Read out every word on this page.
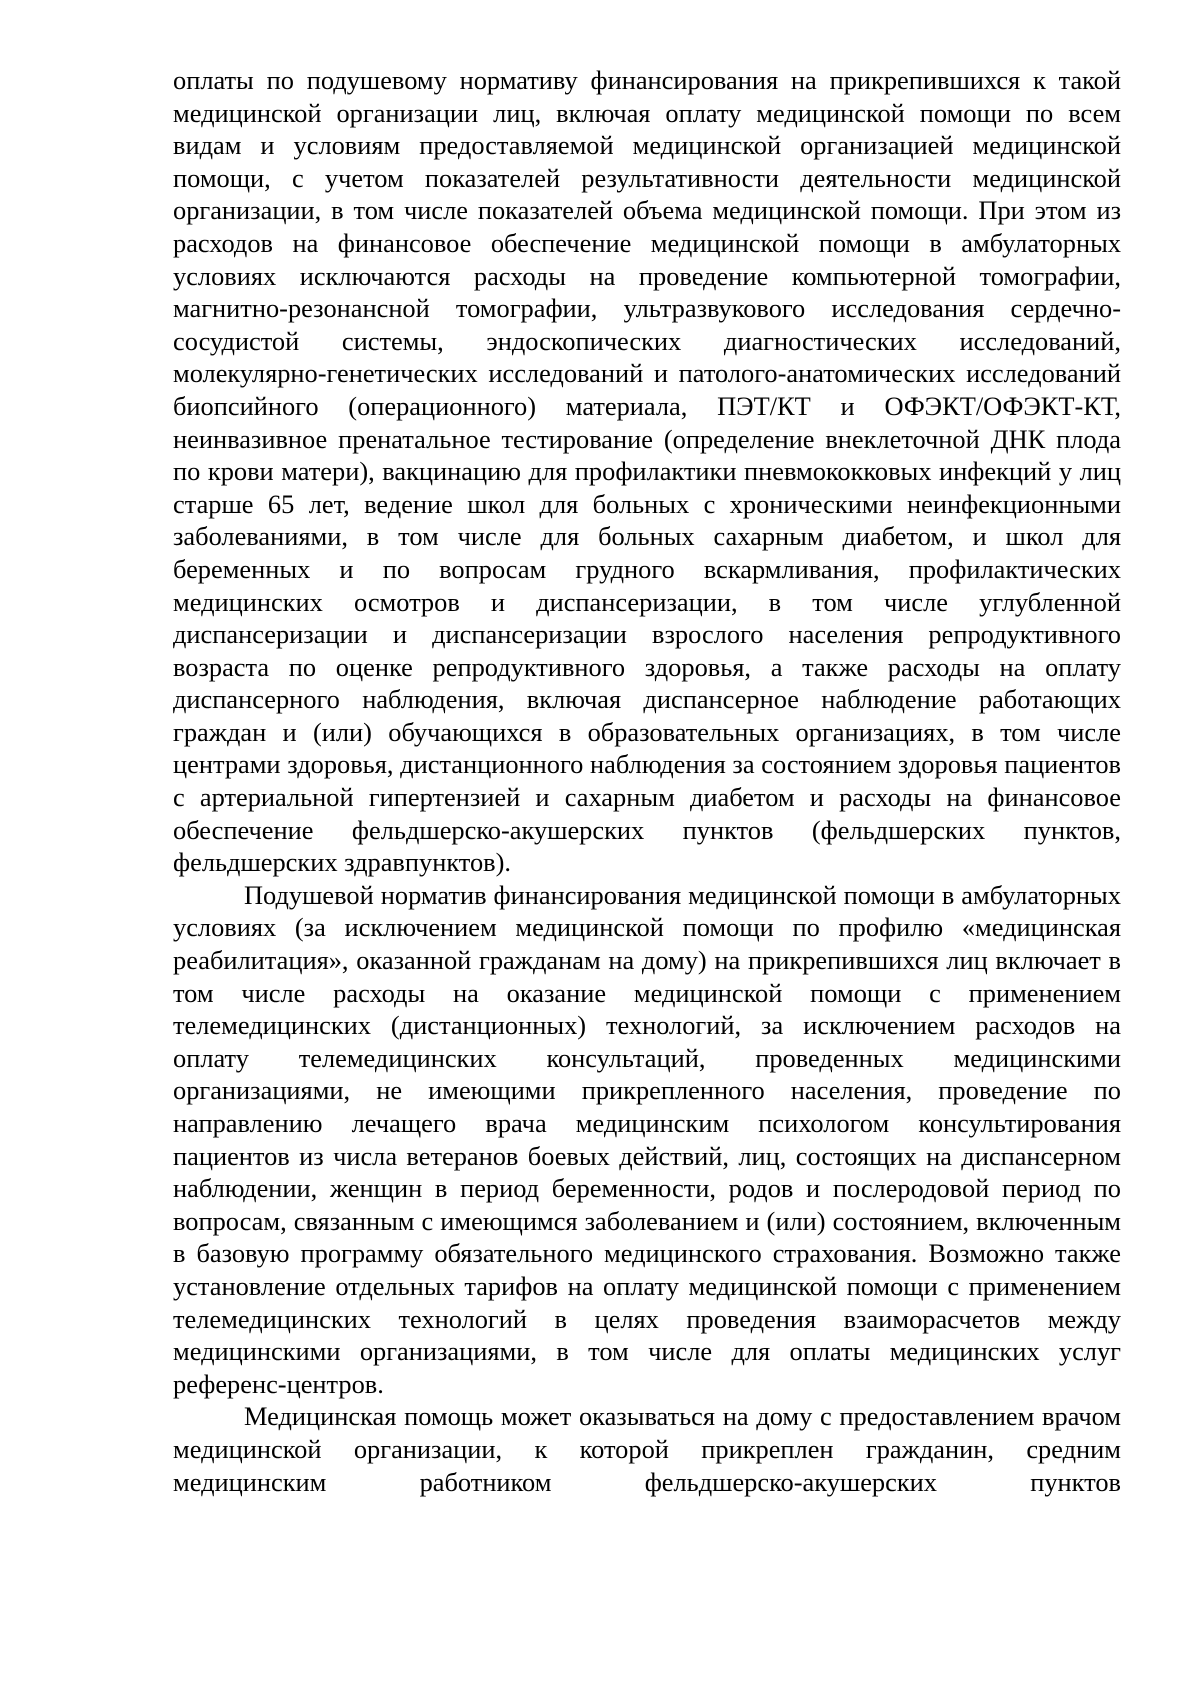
оплаты по подушевому нормативу финансирования на прикрепившихся к такой медицинской организации лиц, включая оплату медицинской помощи по всем видам и условиям предоставляемой медицинской организацией медицинской помощи, с учетом показателей результативности деятельности медицинской организации, в том числе показателей объема медицинской помощи. При этом из расходов на финансовое обеспечение медицинской помощи в амбулаторных условиях исключаются расходы на проведение компьютерной томографии, магнитно-резонансной томографии, ультразвукового исследования сердечно-сосудистой системы, эндоскопических диагностических исследований, молекулярно-генетических исследований и патолого-анатомических исследований биопсийного (операционного) материала, ПЭТ/КТ и ОФЭКТ/ОФЭКТ-КТ, неинвазивное пренатальное тестирование (определение внеклеточной ДНК плода по крови матери), вакцинацию для профилактики пневмококковых инфекций у лиц старше 65 лет, ведение школ для больных с хроническими неинфекционными заболеваниями, в том числе для больных сахарным диабетом, и школ для беременных и по вопросам грудного вскармливания, профилактических медицинских осмотров и диспансеризации, в том числе углубленной диспансеризации и диспансеризации взрослого населения репродуктивного возраста по оценке репродуктивного здоровья, а также расходы на оплату диспансерного наблюдения, включая диспансерное наблюдение работающих граждан и (или) обучающихся в образовательных организациях, в том числе центрами здоровья, дистанционного наблюдения за состоянием здоровья пациентов с артериальной гипертензией и сахарным диабетом и расходы на финансовое обеспечение фельдшерско-акушерских пунктов (фельдшерских пунктов, фельдшерских здравпунктов).

Подушевой норматив финансирования медицинской помощи в амбулаторных условиях (за исключением медицинской помощи по профилю «медицинская реабилитация», оказанной гражданам на дому) на прикрепившихся лиц включает в том числе расходы на оказание медицинской помощи с применением телемедицинских (дистанционных) технологий, за исключением расходов на оплату телемедицинских консультаций, проведенных медицинскими организациями, не имеющими прикрепленного населения, проведение по направлению лечащего врача медицинским психологом консультирования пациентов из числа ветеранов боевых действий, лиц, состоящих на диспансерном наблюдении, женщин в период беременности, родов и послеродовой период по вопросам, связанным с имеющимся заболеванием и (или) состоянием, включенным в базовую программу обязательного медицинского страхования. Возможно также установление отдельных тарифов на оплату медицинской помощи с применением телемедицинских технологий в целях проведения взаиморасчетов между медицинскими организациями, в том числе для оплаты медицинских услуг референс-центров.

Медицинская помощь может оказываться на дому с предоставлением врачом медицинской организации, к которой прикреплен гражданин, средним медицинским работником фельдшерско-акушерских пунктов
